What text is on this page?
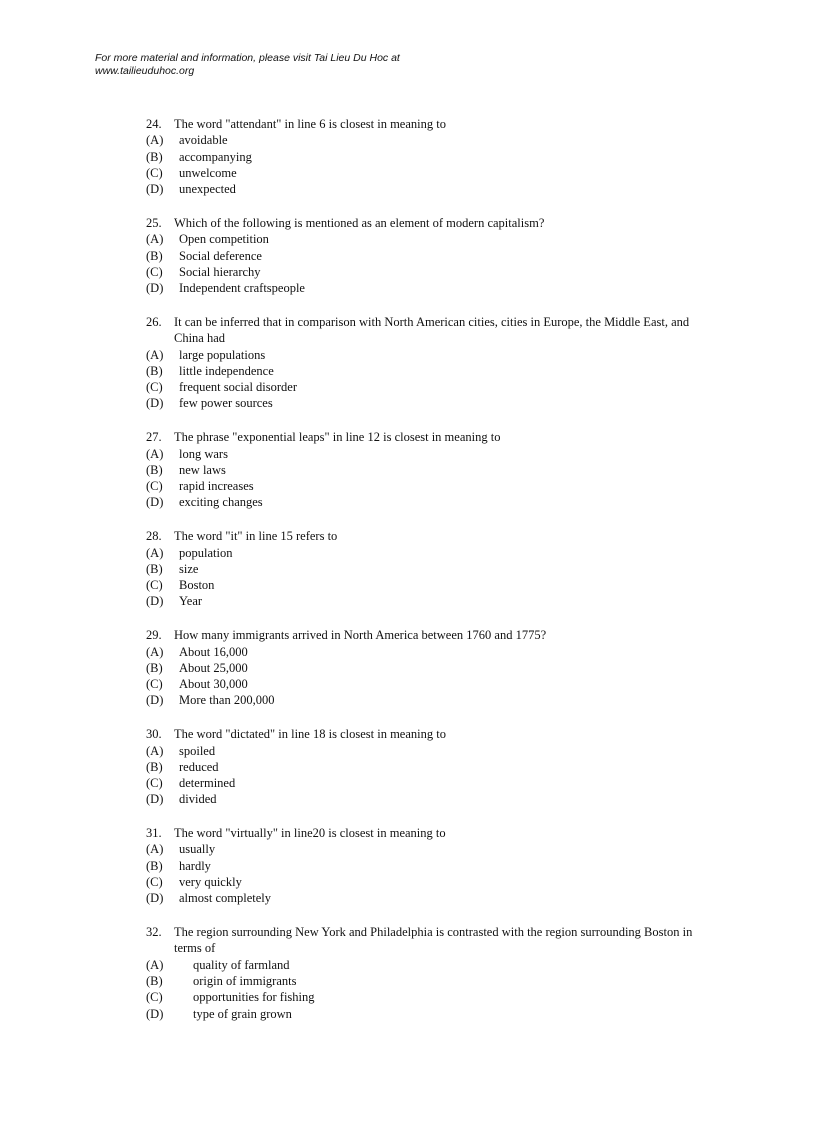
For more material and information, please visit Tai Lieu Du Hoc at
www.tailieuduhoc.org
24. The word "attendant" in line 6 is closest in meaning to
(A)	avoidable
(B)	accompanying
(C)	unwelcome
(D)	unexpected
25. Which of the following is mentioned as an element of modern capitalism?
(A)	Open competition
(B)	Social deference
(C)	Social hierarchy
(D)	Independent craftspeople
26. It can be inferred that in comparison with North American cities, cities in Europe, the Middle East, and China had
(A)	large populations
(B)	little independence
(C)	frequent social disorder
(D)	few power sources
27. The phrase "exponential leaps" in line 12 is closest in meaning to
(A)	long wars
(B)	new laws
(C)	rapid increases
(D)	exciting changes
28. The word "it" in line 15 refers to
(A)	population
(B)	size
(C)	Boston
(D)	Year
29. How many immigrants arrived in North America between 1760 and 1775?
(A)	About 16,000
(B)	About 25,000
(C)	About 30,000
(D)	More than 200,000
30. The word "dictated" in line 18 is closest in meaning to
(A)	spoiled
(B)	reduced
(C)	determined
(D)	divided
31. The word "virtually" in line20 is closest in meaning to
(A)	usually
(B)	hardly
(C)	very quickly
(D)	almost completely
32. The region surrounding New York and Philadelphia is contrasted with the region surrounding Boston in terms of
(A)	quality of farmland
(B)	origin of immigrants
(C)	opportunities for fishing
(D)	type of grain grown
